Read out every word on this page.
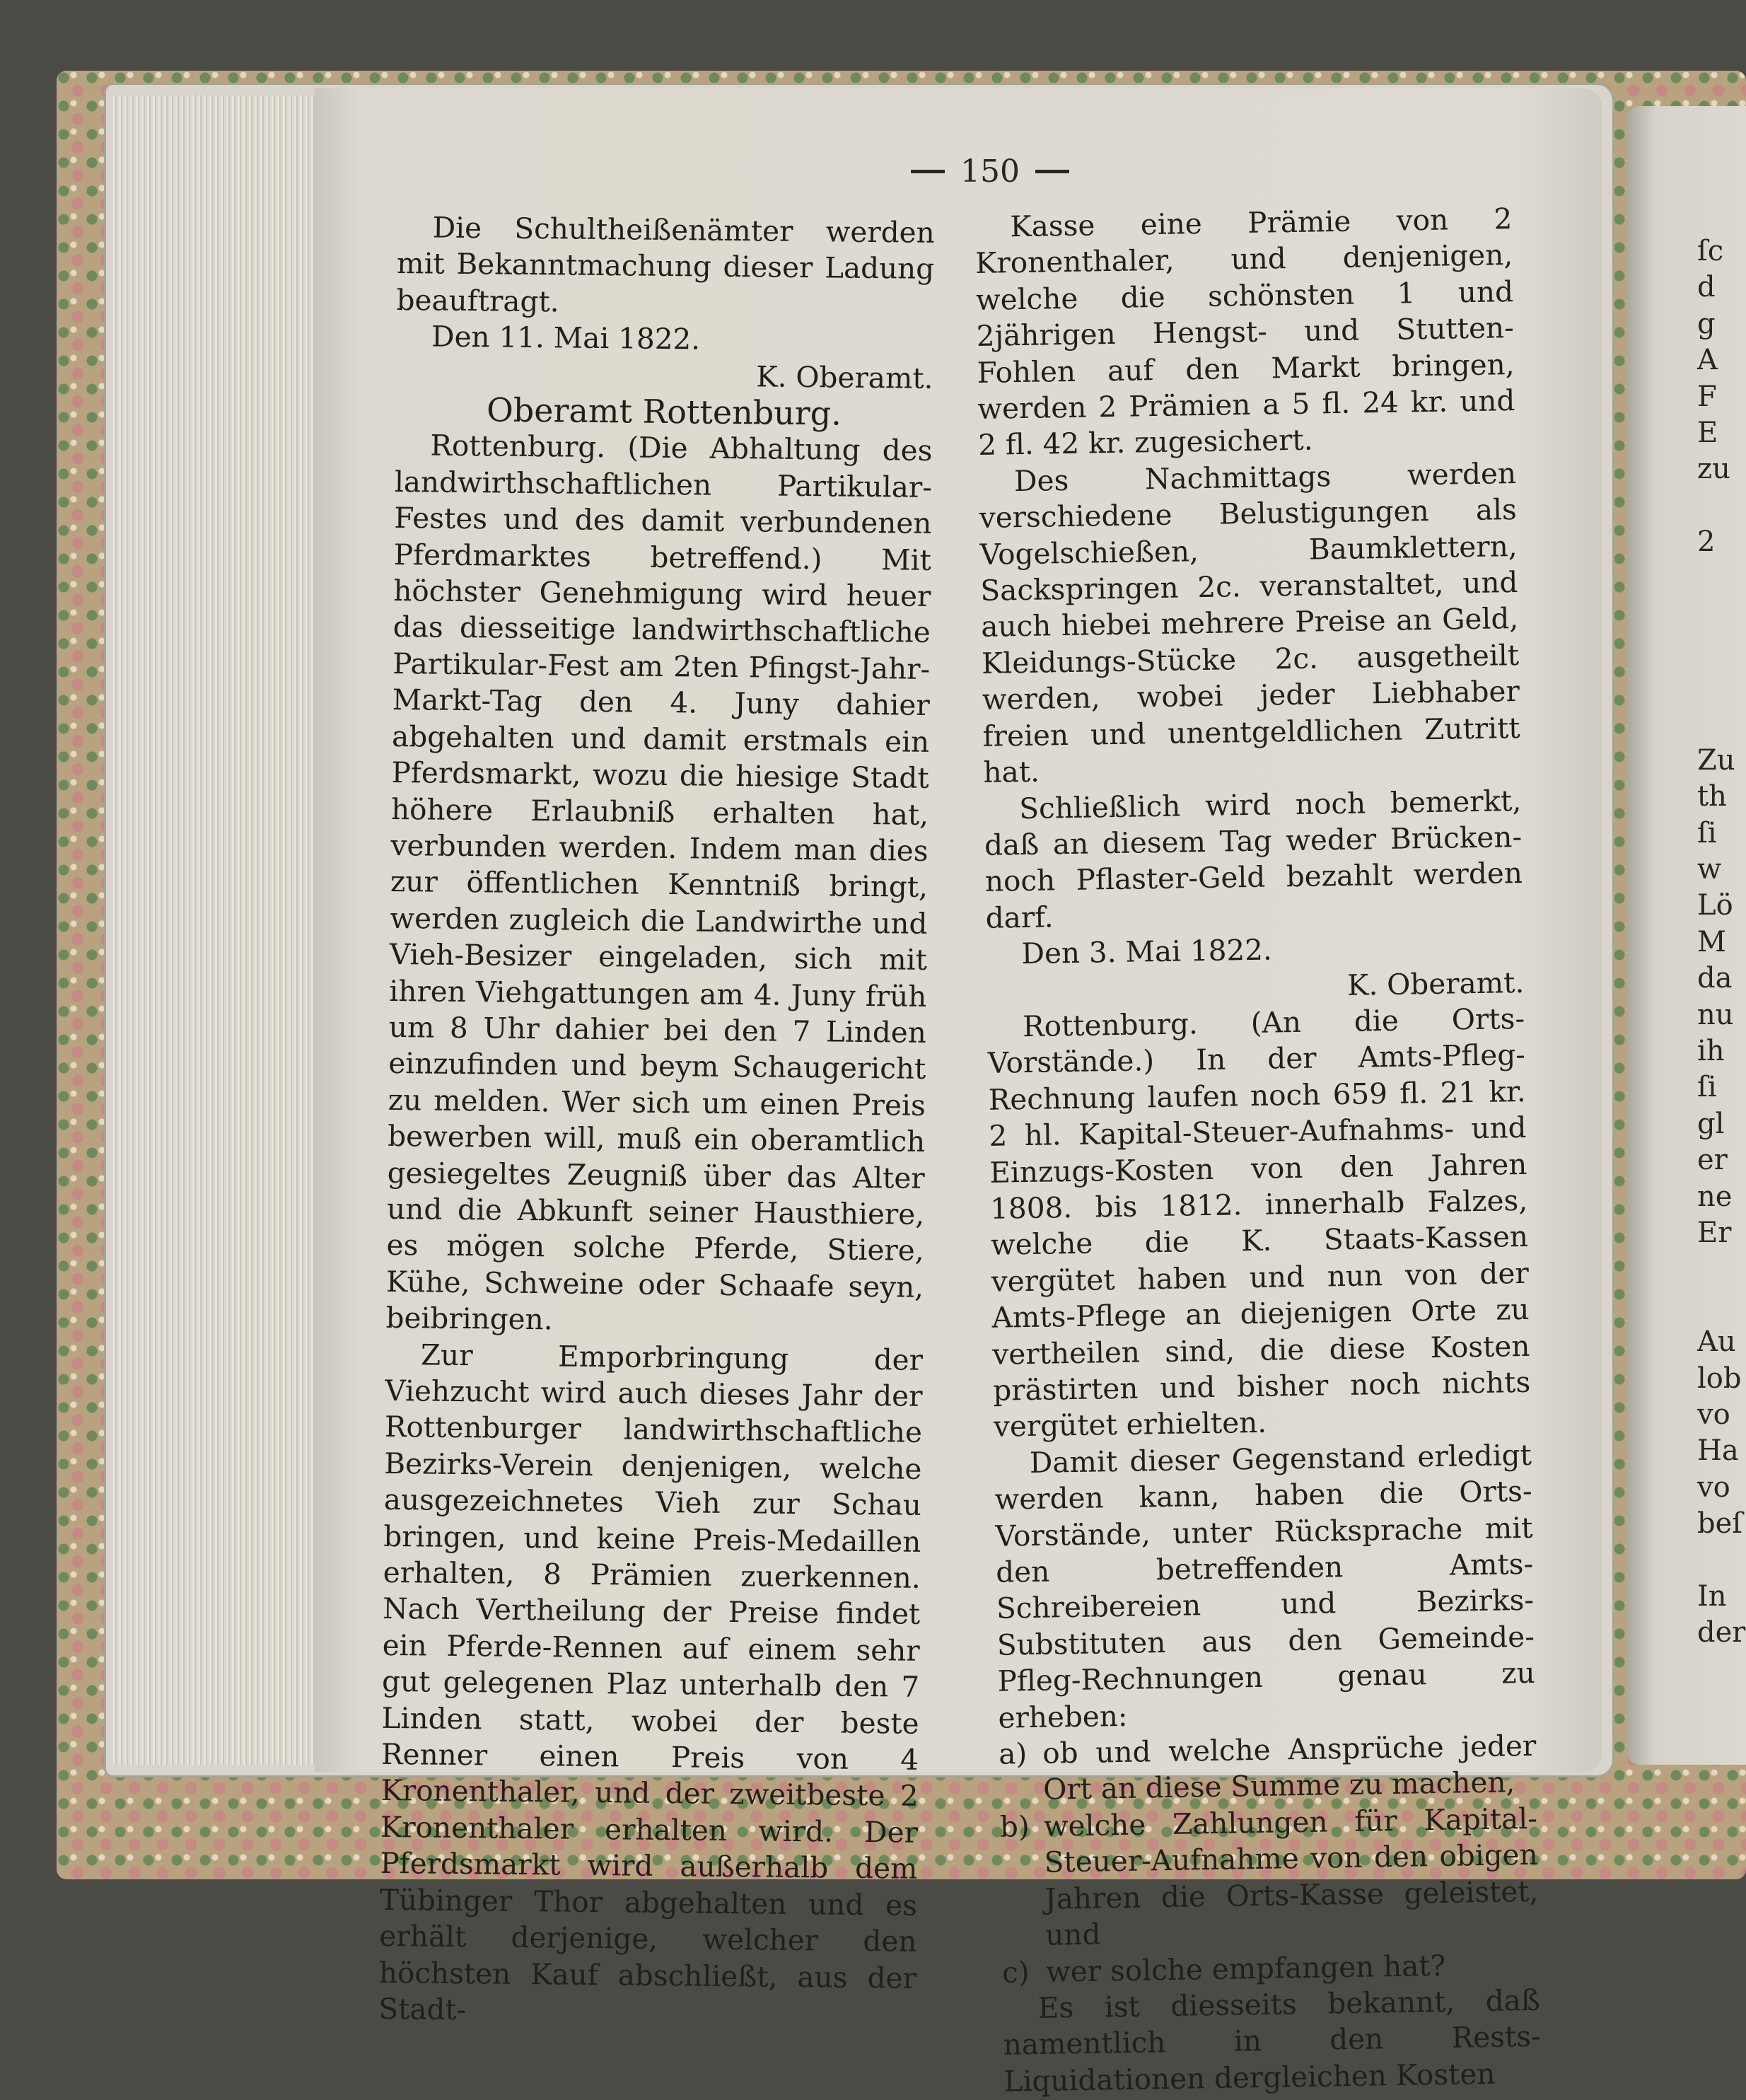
150

Die Schultheißenämter werden mit Bekanntmachung dieser Ladung beauftragt.

Den 11. Mai 1822.

K. Oberamt.

Oberamt Rottenburg.

Rottenburg. (Die Abhaltung des landwirthschaftlichen Partikular-Festes und des damit verbundenen Pferdmarktes betreffend.) Mit höchster Genehmigung wird heuer das diesseitige landwirthschaftliche Partikular-Fest am 2ten Pfingst-Jahr-Markt-Tag den 4. Juny dahier abgehalten und damit erstmals ein Pferdsmarkt, wozu die hiesige Stadt höhere Erlaubniß erhalten hat, verbunden werden. Indem man dies zur öffentlichen Kenntniß bringt, werden zugleich die Landwirthe und Vieh-Besizer eingeladen, sich mit ihren Viehgattungen am 4. Juny früh um 8 Uhr dahier bei den 7 Linden einzufinden und beym Schaugericht zu melden. Wer sich um einen Preis bewerben will, muß ein oberamtlich gesiegeltes Zeugniß über das Alter und die Abkunft seiner Hausthiere, es mögen solche Pferde, Stiere, Kühe, Schweine oder Schaafe seyn, beibringen.

Zur Emporbringung der Viehzucht wird auch dieses Jahr der Rottenburger landwirthschaftliche Bezirks-Verein denjenigen, welche ausgezeichnetes Vieh zur Schau bringen, und keine Preis-Medaillen erhalten, 8 Prämien zuerkennen. Nach Vertheilung der Preise findet ein Pferde-Rennen auf einem sehr gut gelegenen Plaz unterhalb den 7 Linden statt, wobei der beste Renner einen Preis von 4 Kronenthaler, und der zweitbeste 2 Kronenthaler erhalten wird. Der Pferdsmarkt wird außerhalb dem Tübinger Thor abgehalten und es erhält derjenige, welcher den höchsten Kauf abschließt, aus der Stadt-

Kasse eine Prämie von 2 Kronenthaler, und denjenigen, welche die schönsten 1 und 2jährigen Hengst- und Stutten-Fohlen auf den Markt bringen, werden 2 Prämien a 5 fl. 24 kr. und 2 fl. 42 kr. zugesichert.

Des Nachmittags werden verschiedene Belustigungen als Vogelschießen, Baumklettern, Sackspringen 2c. veranstaltet, und auch hiebei mehrere Preise an Geld, Kleidungs-Stücke 2c. ausgetheilt werden, wobei jeder Liebhaber freien und unentgeldlichen Zutritt hat.

Schließlich wird noch bemerkt, daß an diesem Tag weder Brücken- noch Pflaster-Geld bezahlt werden darf.

Den 3. Mai 1822.

K. Oberamt.

Rottenburg. (An die Orts-Vorstände.) In der Amts-Pfleg-Rechnung laufen noch 659 fl. 21 kr. 2 hl. Kapital-Steuer-Aufnahms- und Einzugs-Kosten von den Jahren 1808. bis 1812. innerhalb Falzes, welche die K. Staats-Kassen vergütet haben und nun von der Amts-Pflege an diejenigen Orte zu vertheilen sind, die diese Kosten prästirten und bisher noch nichts vergütet erhielten.

Damit dieser Gegenstand erledigt werden kann, haben die Orts-Vorstände, unter Rücksprache mit den betreffenden Amts-Schreibereien und Bezirks-Substituten aus den Gemeinde-Pfleg-Rechnungen genau zu erheben:

a) ob und welche Ansprüche jeder Ort an diese Summe zu machen,
b) welche Zahlungen für Kapital-Steuer-Aufnahme von den obigen Jahren die Orts-Kasse geleistet, und
c) wer solche empfangen hat?

Es ist diesseits bekannt, daß namentlich in den Rests-Liquidationen dergleichen Kosten

ſc
d
g
A
F
E
zu

2

Zu
th
ſi
w
Lö
M
da
nu
ih
ſi
gl
er
ne
Er

Au
lob
vo
Ha
vo
beſ

In
der
